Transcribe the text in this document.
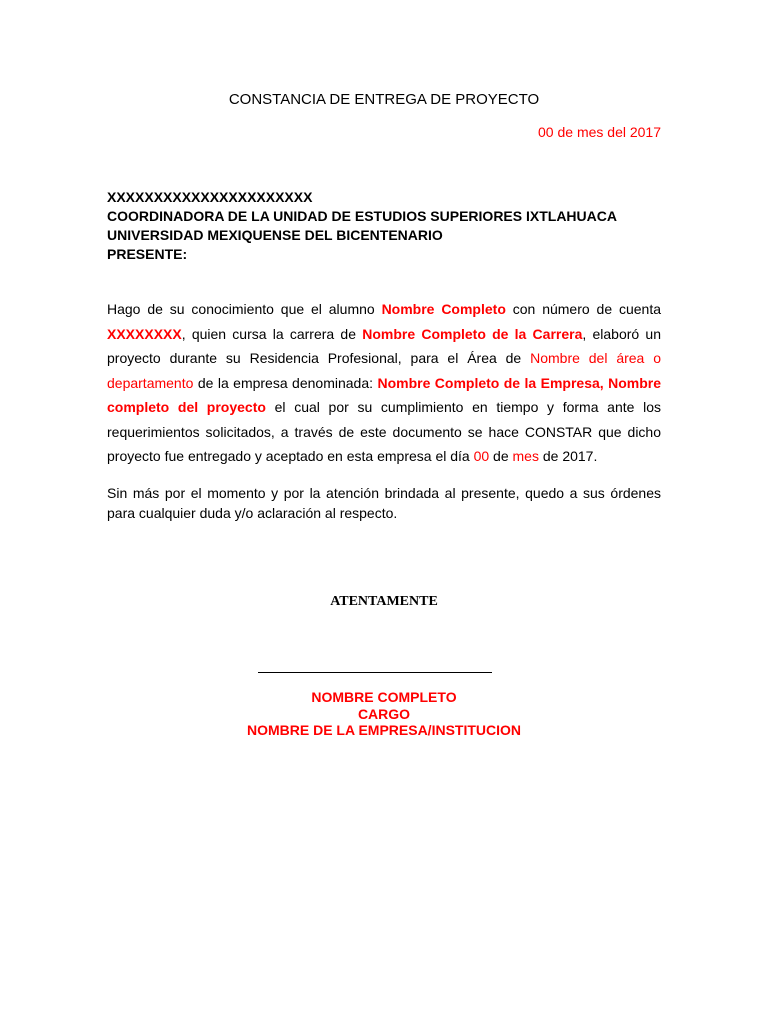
CONSTANCIA DE ENTREGA DE PROYECTO
00 de mes del 2017
XXXXXXXXXXXXXXXXXXXXXX
COORDINADORA DE LA UNIDAD DE ESTUDIOS SUPERIORES IXTLAHUACA
UNIVERSIDAD MEXIQUENSE DEL BICENTENARIO
PRESENTE:

Hago de su conocimiento que el alumno Nombre Completo con número de cuenta XXXXXXXX, quien cursa la carrera de Nombre Completo de la Carrera, elaboró un proyecto durante su Residencia Profesional, para el Área de Nombre del área o departamento de la empresa denominada: Nombre Completo de la Empresa, Nombre completo del proyecto el cual por su cumplimiento en tiempo y forma ante los requerimientos solicitados, a través de este documento se hace CONSTAR que dicho proyecto fue entregado y aceptado en esta empresa el día 00 de mes de 2017.

Sin más por el momento y por la atención brindada al presente, quedo a sus órdenes para cualquier duda y/o aclaración al respecto.

ATENTAMENTE
NOMBRE COMPLETO
CARGO
NOMBRE DE LA EMPRESA/INSTITUCION
